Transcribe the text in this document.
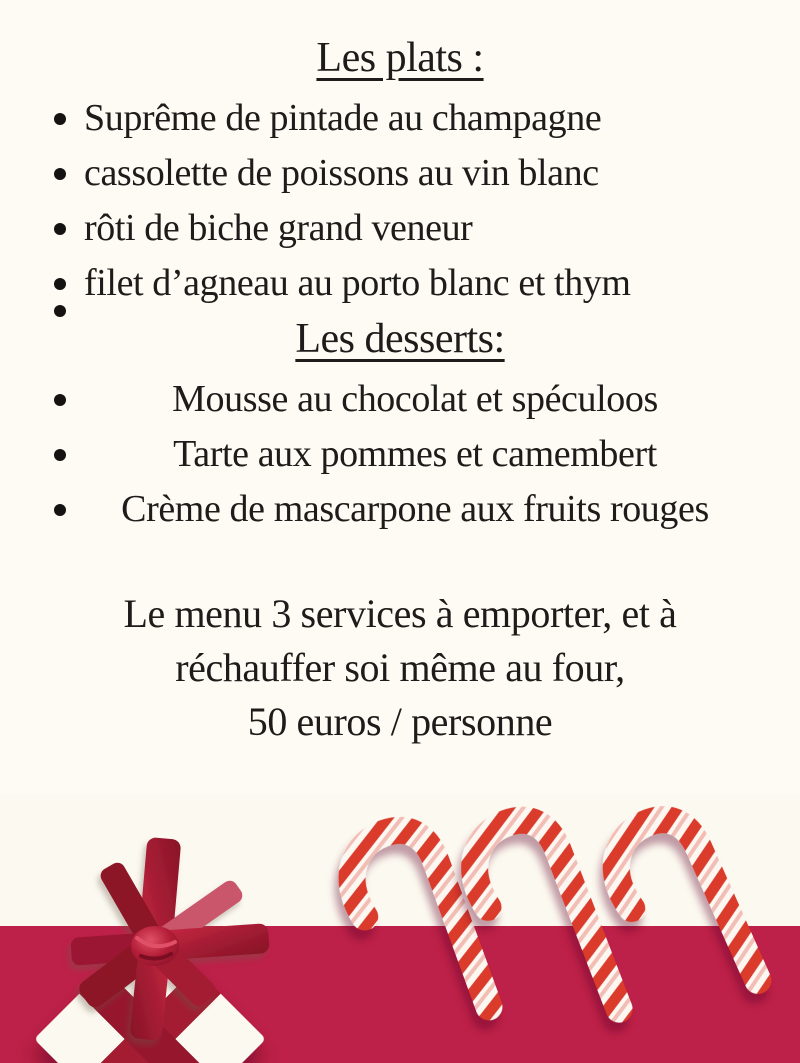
Les plats :
Suprême de pintade au champagne
cassolette de poissons au vin blanc
rôti de biche grand veneur
filet d’agneau au porto blanc et thym
Les desserts:
Mousse au chocolat et spéculoos
Tarte aux pommes et camembert
Crème de mascarpone aux fruits rouges
Le menu 3 services à emporter, et à
réchauffer soi même au four,
50 euros / personne
